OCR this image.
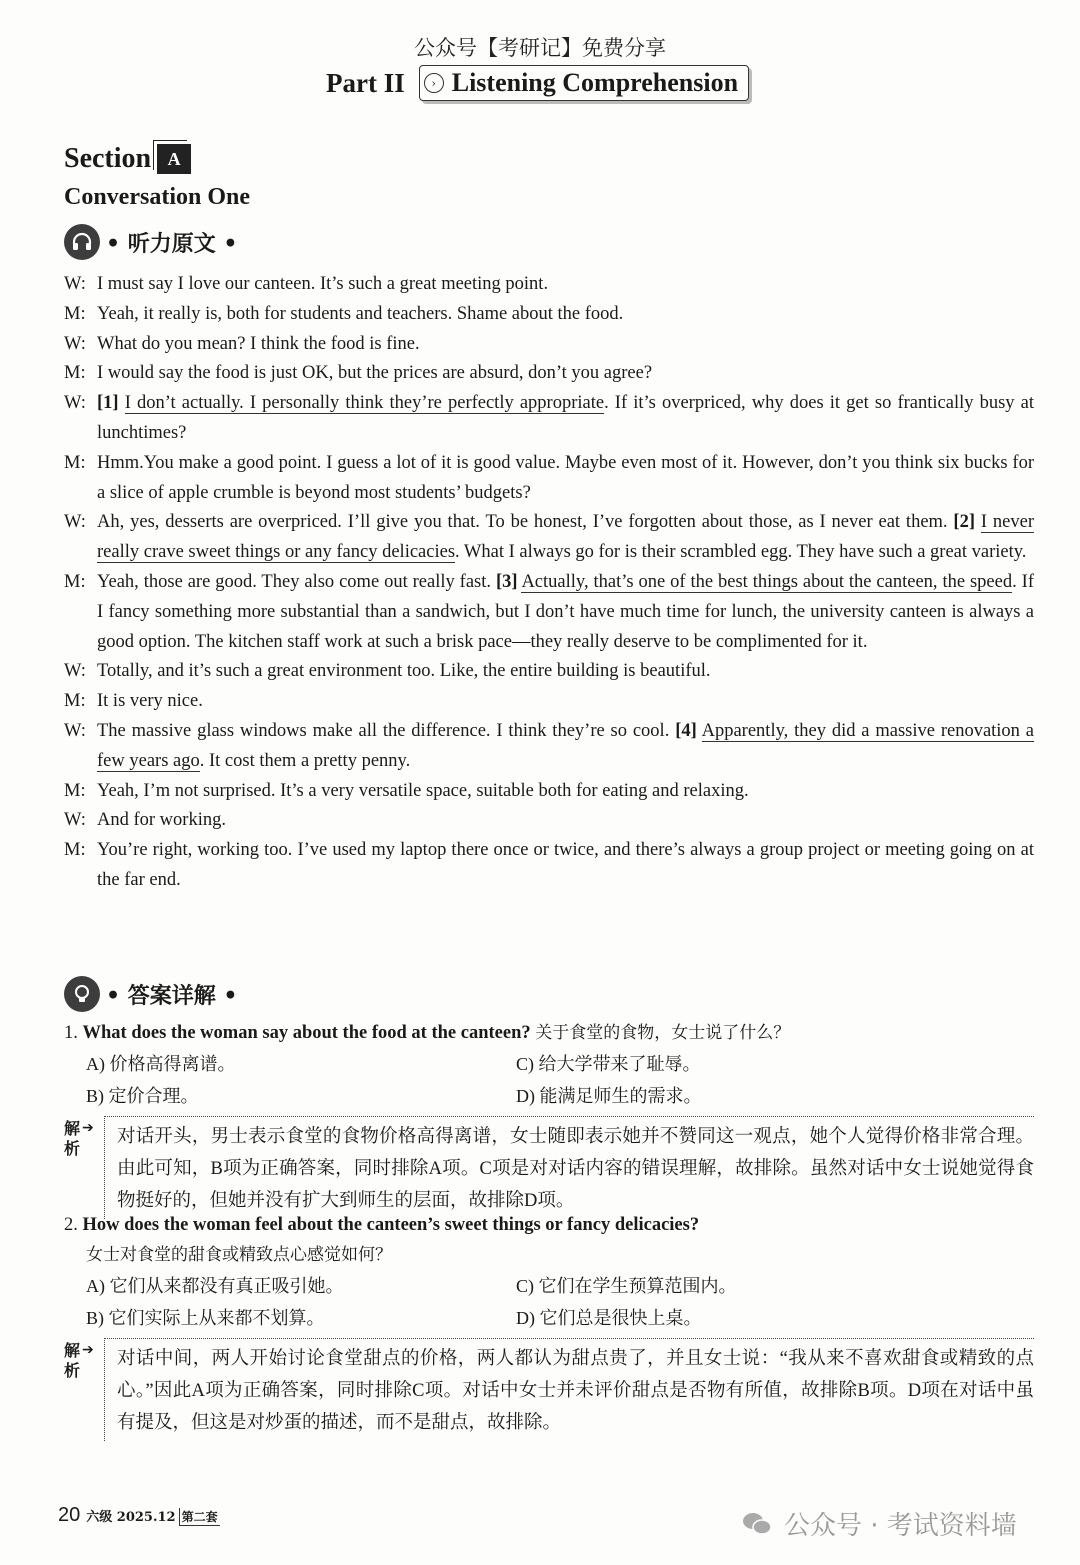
公众号【考研记】免费分享
Part II	› Listening Comprehension
Section A
Conversation One
• 听力原文 •
W: I must say I love our canteen. It’s such a great meeting point.
M: Yeah, it really is, both for students and teachers. Shame about the food.
W: What do you mean? I think the food is fine.
M: I would say the food is just OK, but the prices are absurd, don’t you agree?
W: [1] I don’t actually. I personally think they’re perfectly appropriate. If it’s overpriced, why does it get so frantically busy at lunchtimes?
M: Hmm.You make a good point. I guess a lot of it is good value. Maybe even most of it. However, don’t you think six bucks for a slice of apple crumble is beyond most students’ budgets?
W: Ah, yes, desserts are overpriced. I’ll give you that. To be honest, I’ve forgotten about those, as I never eat them. [2] I never really crave sweet things or any fancy delicacies. What I always go for is their scrambled egg. They have such a great variety.
M: Yeah, those are good. They also come out really fast. [3] Actually, that’s one of the best things about the canteen, the speed. If I fancy something more substantial than a sandwich, but I don’t have much time for lunch, the university canteen is always a good option. The kitchen staff work at such a brisk pace—they really deserve to be complimented for it.
W: Totally, and it’s such a great environment too. Like, the entire building is beautiful.
M: It is very nice.
W: The massive glass windows make all the difference. I think they’re so cool. [4] Apparently, they did a massive renovation a few years ago. It cost them a pretty penny.
M: Yeah, I’m not surprised. It’s a very versatile space, suitable both for eating and relaxing.
W: And for working.
M: You’re right, working too. I’ve used my laptop there once or twice, and there’s always a group project or meeting going on at the far end.
• 答案详解 •
1. What does the woman say about the food at the canteen? 关于食堂的食物，女士说了什么？
A) 价格高得离谱。	C) 给大学带来了耻辱。
B) 定价合理。	D) 能满足师生的需求。
解析
➔	对话开头，男士表示食堂的食物价格高得离谱，女士随即表示她并不赞同这一观点，她个人觉得价格非常合理。由此可知，B项为正确答案，同时排除A项。C项是对对话内容的错误理解，故排除。虽然对话中女士说她觉得食物挺好的，但她并没有扩大到师生的层面，故排除D项。
2. How does the woman feel about the canteen’s sweet things or fancy delicacies?
女士对食堂的甜食或精致点心感觉如何？
A) 它们从来都没有真正吸引她。	C) 它们在学生预算范围内。
B) 它们实际上从来都不划算。	D) 它们总是很快上桌。
解析
➔	对话中间，两人开始讨论食堂甜点的价格，两人都认为甜点贵了，并且女士说：“我从来不喜欢甜食或精致的点心。”因此A项为正确答案，同时排除C项。对话中女士并未评价甜点是否物有所值，故排除B项。D项在对话中虽有提及，但这是对炒蛋的描述，而不是甜点，故排除。
20 六级 2025.12 第二套	公众号 · 考试资料墙
